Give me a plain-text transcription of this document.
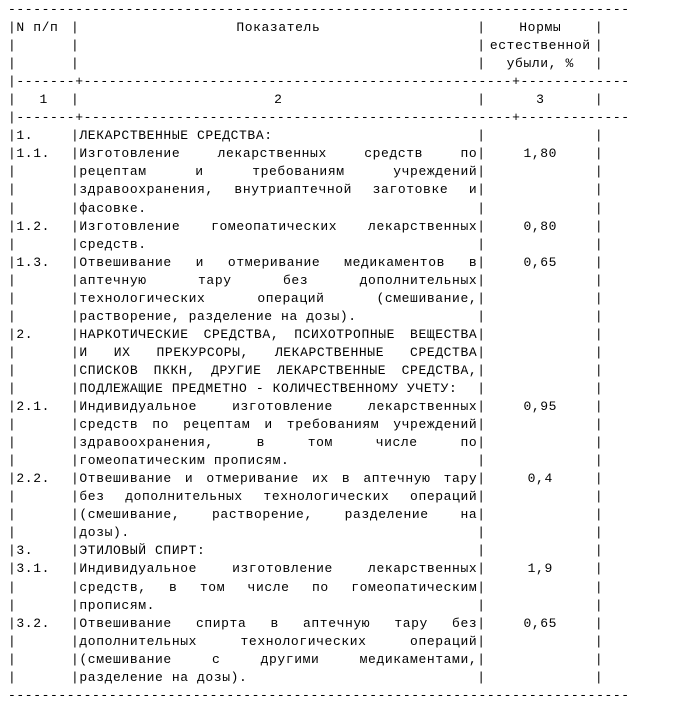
--------------------------------------------------------------------------
|N п/п |	Показатель	|	Нормы	|
|	|	| естественной |
|	|	| убыли, % |
|-------+---------------------------------------------------+-------------
| 1 |	2	|	3	|
|-------+---------------------------------------------------+-------------
|1.	|ЛЕКАРСТВЕННЫЕ СРЕДСТВА:	|	|
|1.1. |Изготовление лекарственных средств по|	1,80	|
|	|рецептам и требованиям учреждений|	|
|	|здравоохранения, внутриаптечной заготовке и|	|
|	|фасовке.	|	|
|1.2. |Изготовление гомеопатических лекарственных|	0,80	|
|	|средств.	|	|
|1.3. |Отвешивание и отмеривание медикаментов в|	0,65	|
|	|аптечную тару без дополнительных|	|
|	|технологических операций (смешивание,|	|
|	|растворение, разделение на дозы).	|	|
|2.	|НАРКОТИЧЕСКИЕ СРЕДСТВА, ПСИХОТРОПНЫЕ ВЕЩЕСТВА|	|
|	|И ИХ ПРЕКУРСОРЫ, ЛЕКАРСТВЕННЫЕ СРЕДСТВА|	|
|	|СПИСКОВ ПККН, ДРУГИЕ ЛЕКАРСТВЕННЫЕ СРЕДСТВА,|	|
|	|ПОДЛЕЖАЩИЕ ПРЕДМЕТНО - КОЛИЧЕСТВЕННОМУ УЧЕТУ: |	|
|2.1. |Индивидуальное изготовление лекарственных|	0,95	|
|	|средств по рецептам и требованиям учреждений|	|
|	|здравоохранения, в том числе по|	|
|	|гомеопатическим прописям.	|	|
|2.2. |Отвешивание и отмеривание их в аптечную тару|	0,4	|
|	|без дополнительных технологических операций|	|
|	|(смешивание, растворение, разделение на|	|
|	|дозы).	|	|
|3.	|ЭТИЛОВЫЙ СПИРТ:	|	|
|3.1. |Индивидуальное изготовление лекарственных|	1,9	|
|	|средств, в том числе по гомеопатическим|	|
|	|прописям.	|	|
|3.2. |Отвешивание спирта в аптечную тару без|	0,65	|
|	|дополнительных технологических операций|	|
|	|(смешивание с другими медикаментами,|	|
|	|разделение на дозы).	|	|
--------------------------------------------------------------------------
